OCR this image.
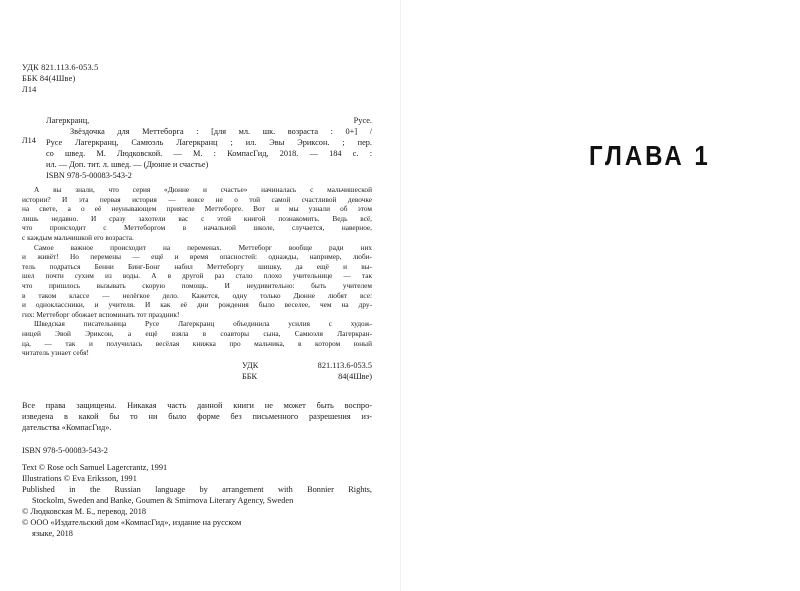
УДК 821.113.6-053.5
ББК 84(4Шве)
Л14
Л14
Лагеркранц, Русе.
Звёздочка для Меттеборга : [для мл. шк. возраста : 0+] /
Русе Лагеркранц, Самюэль Лагеркранц ; ил. Эвы Эриксон. ; пер.
со швед. М. Людковской. — М. : КомпасГид, 2018. — 184 с. :
ил. — Доп. тит. л. швед. — (Дюнне и счастье)
ISBN 978-5-00083-543-2
А вы знали, что серия «Дюнне и счастье» начиналась с мальчишеской
истории? И эта первая история — вовсе не о той самой счастливой девочке
на свете, а о её неунывающем приятеле Меттеборге. Вот и мы узнали об этом
лишь недавно. И сразу захотели вас с этой книгой познакомить. Ведь всё,
что происходит с Меттеборгом в начальной школе, случается, наверное,
с каждым мальчишкой его возраста.
Самое важное происходит на переменах. Меттеборг вообще ради них
и живёт! Но перемены — ещё и время опасностей: однажды, например, люби-
тель подраться Бенни Бинг-Бонг набил Меттеборгу шишку, да ещё и вы-
шел почти сухим из воды. А в другой раз стало плохо учительнице — так
что пришлось вызывать скорую помощь. И неудивительно: быть учителем
в таком классе — нелёгкое дело. Кажется, одну только Дюнне любят все:
и одноклассники, и учителя. И как её дни рождения было веселее, чем на дру-
гих: Меттеборг обожает вспоминать тот праздник!
Шведская писательница Русе Лагеркранц объединила усилия с худож-
ницей Эвой Эриксон, а ещё взяла в соавторы сына, Самюэля Лагеркран-
ца, — так и получилась весёлая книжка про мальчика, в котором юный
читатель узнает себя!
УДК 821.113.6-053.5
ББК 84(4Шве)
Все права защищены. Никакая часть данной книги не может быть воспро-
изведена в какой бы то ни было форме без письменного разрешения из-
дательства «КомпасГид».
ISBN 978-5-00083-543-2
Text © Rose och Samuel Lagercrantz, 1991
Illustrations © Eva Eriksson, 1991
Published in the Russian language by arrangement with Bonnier Rights,
Stockolm, Sweden and Banke, Goumen & Smirnova Literary Agency, Sweden
© Людковская М. Б., перевод, 2018
© ООО «Издательский дом «КомпасГид», издание на русском
языке, 2018
ГЛАВА 1
